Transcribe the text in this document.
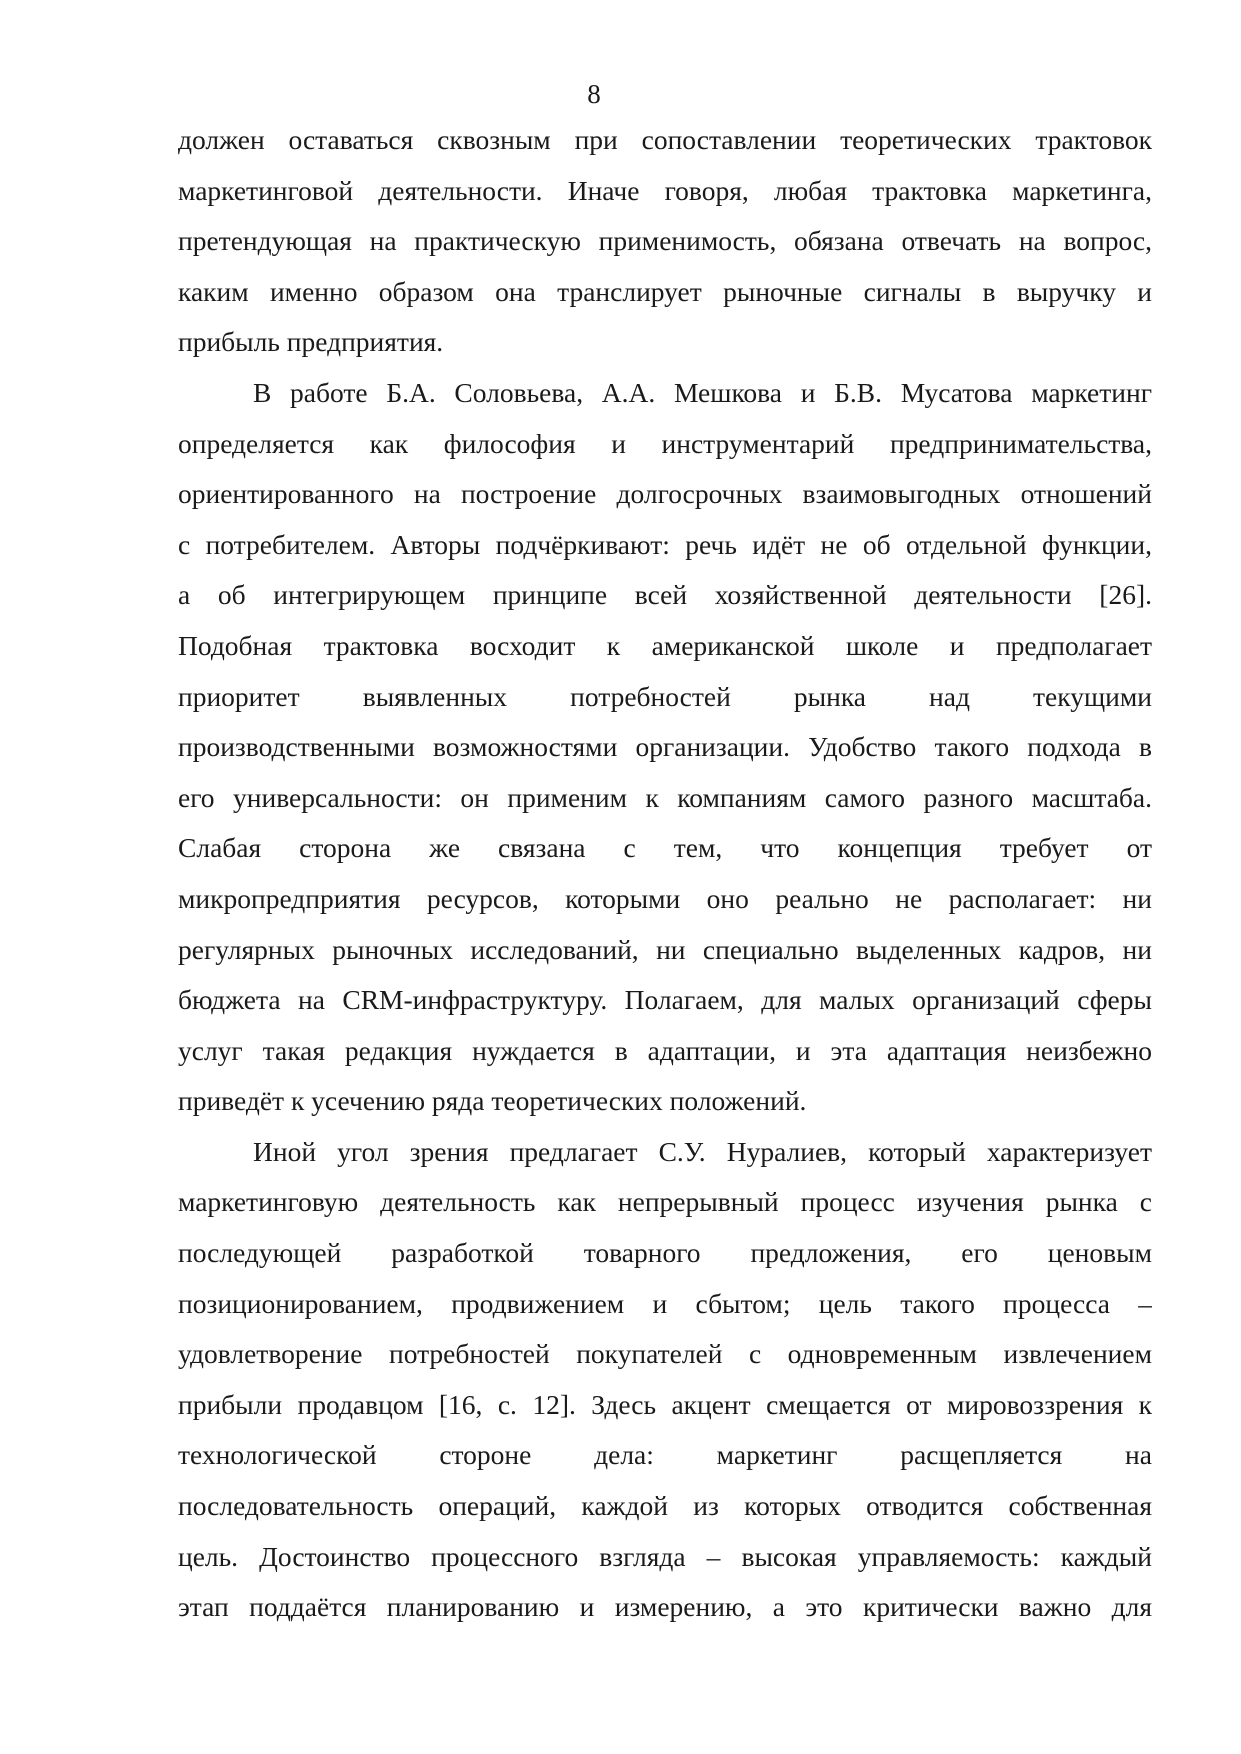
8
должен оставаться сквозным при сопоставлении теоретических трактовок
маркетинговой деятельности. Иначе говоря, любая трактовка маркетинга,
претендующая на практическую применимость, обязана отвечать на вопрос,
каким именно образом она транслирует рыночные сигналы в выручку и
прибыль предприятия.
В работе Б.А. Соловьева, А.А. Мешкова и Б.В. Мусатова маркетинг
определяется как философия и инструментарий предпринимательства,
ориентированного на построение долгосрочных взаимовыгодных отношений
с потребителем. Авторы подчёркивают: речь идёт не об отдельной функции,
а об интегрирующем принципе всей хозяйственной деятельности [26].
Подобная трактовка восходит к американской школе и предполагает
приоритет выявленных потребностей рынка над текущими
производственными возможностями организации. Удобство такого подхода в
его универсальности: он применим к компаниям самого разного масштаба.
Слабая сторона же связана с тем, что концепция требует от
микропредприятия ресурсов, которыми оно реально не располагает: ни
регулярных рыночных исследований, ни специально выделенных кадров, ни
бюджета на CRM-инфраструктуру. Полагаем, для малых организаций сферы
услуг такая редакция нуждается в адаптации, и эта адаптация неизбежно
приведёт к усечению ряда теоретических положений.
Иной угол зрения предлагает С.У. Нуралиев, который характеризует
маркетинговую деятельность как непрерывный процесс изучения рынка с
последующей разработкой товарного предложения, его ценовым
позиционированием, продвижением и сбытом; цель такого процесса –
удовлетворение потребностей покупателей с одновременным извлечением
прибыли продавцом [16, с. 12]. Здесь акцент смещается от мировоззрения к
технологической стороне дела: маркетинг расщепляется на
последовательность операций, каждой из которых отводится собственная
цель. Достоинство процессного взгляда – высокая управляемость: каждый
этап поддаётся планированию и измерению, а это критически важно для
